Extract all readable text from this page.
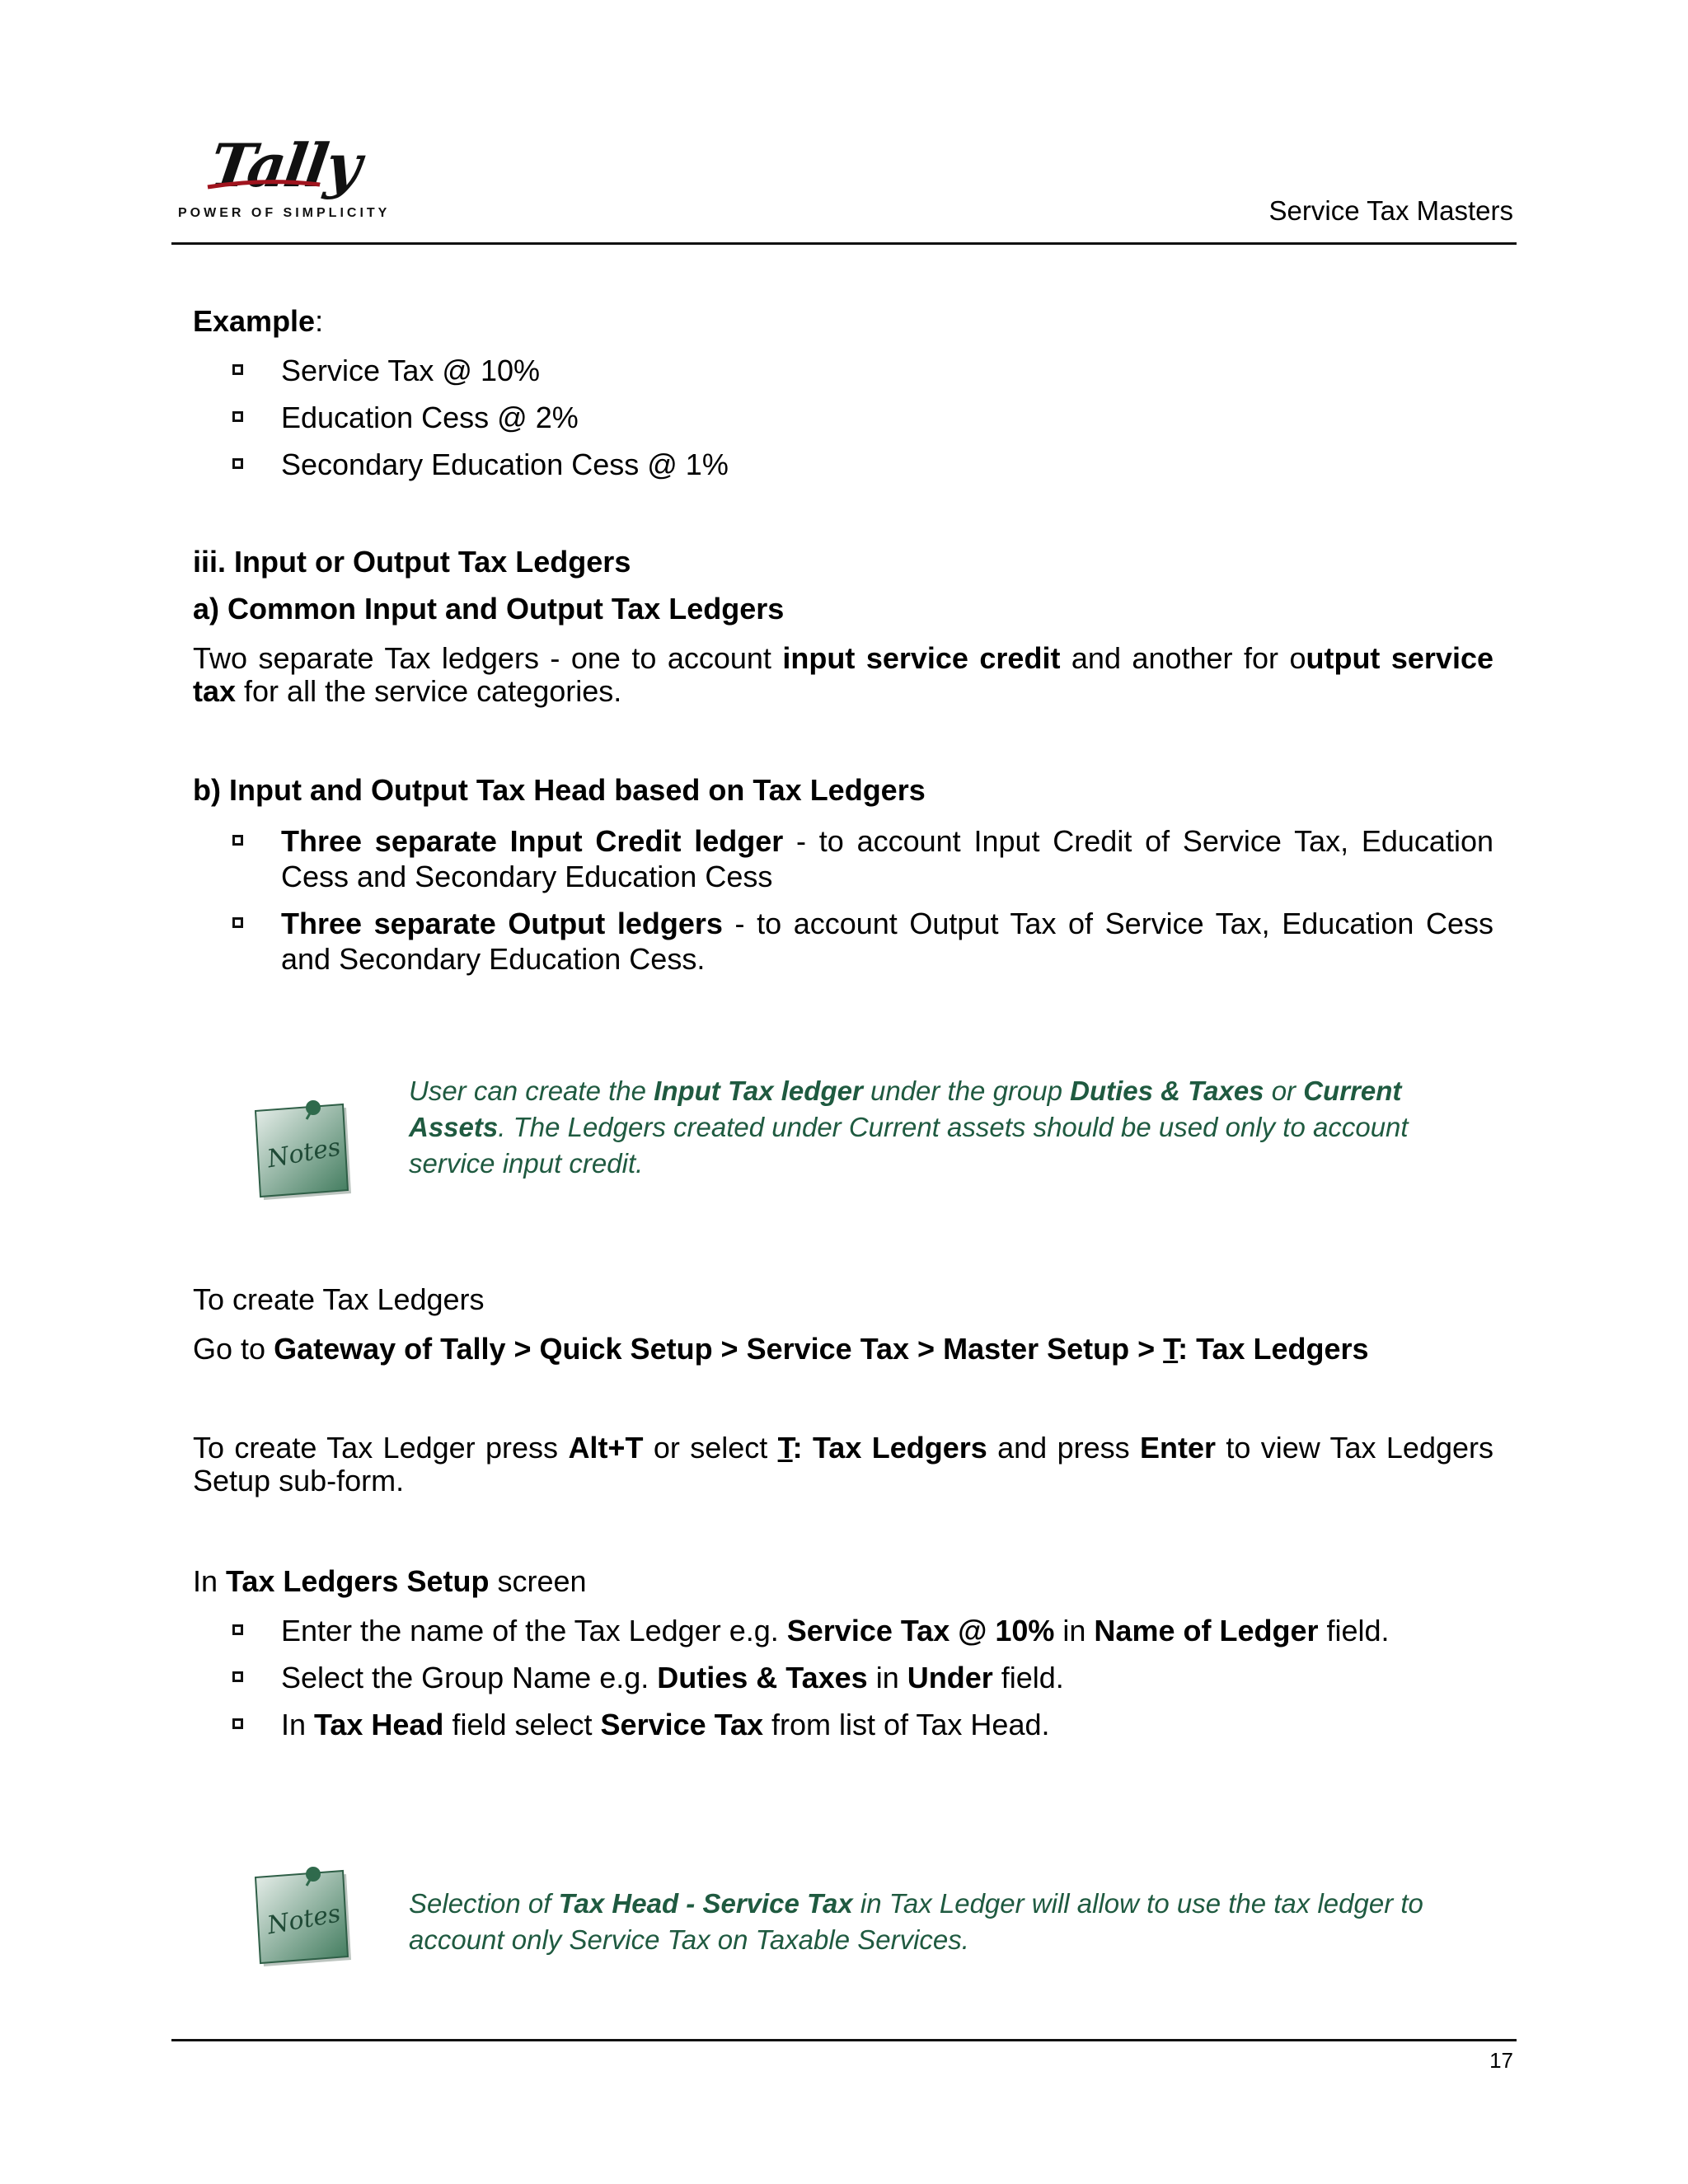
Tally
POWER OF SIMPLICITY	Service Tax Masters
Example:
Service Tax @ 10%
Education Cess @ 2%
Secondary Education Cess @ 1%
iii. Input or Output Tax Ledgers
a) Common Input and Output Tax Ledgers
Two separate Tax ledgers - one to account input service credit and another for output service tax for all the service categories.
b) Input and Output Tax Head based on Tax Ledgers
Three separate Input Credit ledger - to account Input Credit of Service Tax, Education Cess and Secondary Education Cess
Three separate Output ledgers - to account Output Tax of Service Tax, Education Cess and Secondary Education Cess.
Notes
User can create the Input Tax ledger under the group Duties & Taxes or Current Assets. The Ledgers created under Current assets should be used only to account service input credit.
To create Tax Ledgers
Go to Gateway of Tally > Quick Setup > Service Tax > Master Setup > T: Tax Ledgers
To create Tax Ledger press Alt+T or select T: Tax Ledgers and press Enter to view Tax Ledgers Setup sub-form.
In Tax Ledgers Setup screen
Enter the name of the Tax Ledger e.g. Service Tax @ 10% in Name of Ledger field.
Select the Group Name e.g. Duties & Taxes in Under field.
In Tax Head field select Service Tax from list of Tax Head.
Notes Selection of Tax Head - Service Tax in Tax Ledger will allow to use the tax ledger to account only Service Tax on Taxable Services.
17
